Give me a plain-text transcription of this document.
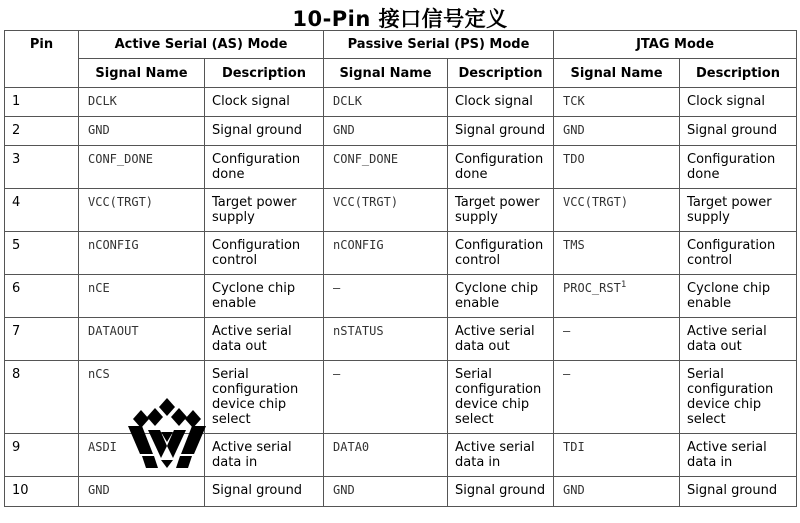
10-Pin 接口信号定义
Pin	Active Serial (AS) Mode		Passive Serial (PS) Mode		JTAG Mode	
	Signal Name	Description	Signal Name	Description	Signal Name	Description
1	DCLK	Clock signal	DCLK	Clock signal	TCK	Clock signal
2	GND	Signal ground	GND	Signal ground	GND	Signal ground
3	CONF_DONE	Configuration done	CONF_DONE	Configuration done	TDO	Configuration done
4	VCC(TRGT)	Target power supply	VCC(TRGT)	Target power supply	VCC(TRGT)	Target power supply
5	nCONFIG	Configuration control	nCONFIG	Configuration control	TMS	Configuration control
6	nCE	Cyclone chip enable	–	Cyclone chip enable	PROC_RST$^1$	Cyclone chip enable
7	DATAOUT	Active serial data out	nSTATUS	Active serial data out	–	Active serial data out
8	nCS	Serial configuration device chip select	–	Serial configuration device chip select	–	Serial configuration device chip select
9	ASDI	Active serial data in	DATA0	Active serial data in	TDI	Active serial data in
10	GND	Signal ground	GND	Signal ground	GND	Signal ground
